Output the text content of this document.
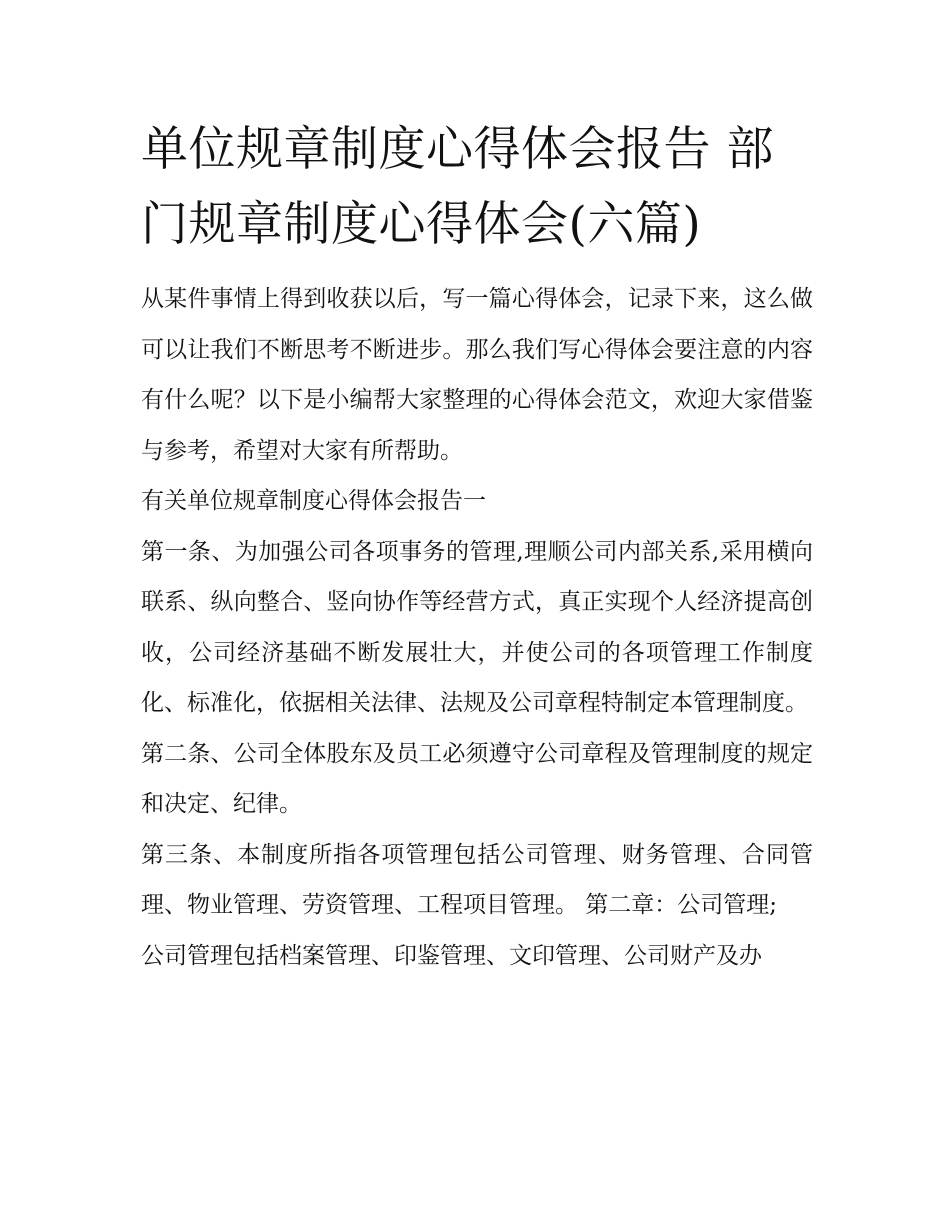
单位规章制度心得体会报告 部门规章制度心得体会(六篇)

从某件事情上得到收获以后，写一篇心得体会，记录下来，这么做可以让我们不断思考不断进步。那么我们写心得体会要注意的内容有什么呢？以下是小编帮大家整理的心得体会范文，欢迎大家借鉴与参考，希望对大家有所帮助。

有关单位规章制度心得体会报告一

第一条、为加强公司各项事务的管理,理顺公司内部关系,采用横向联系、纵向整合、竖向协作等经营方式，真正实现个人经济提高创收，公司经济基础不断发展壮大，并使公司的各项管理工作制度化、标准化，依据相关法律、法规及公司章程特制定本管理制度。

第二条、公司全体股东及员工必须遵守公司章程及管理制度的规定和决定、纪律。

第三条、本制度所指各项管理包括公司管理、财务管理、合同管理、物业管理、劳资管理、工程项目管理。 第二章：公司管理;

公司管理包括档案管理、印鉴管理、文印管理、公司财产及办
